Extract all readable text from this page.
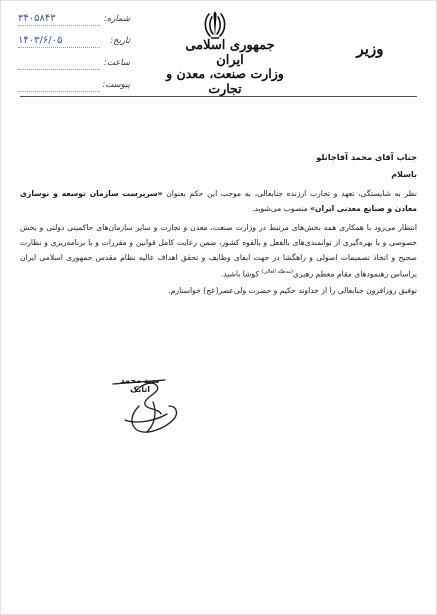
جمهوری اسلامی ایران
وزارت صنعت، معدن و تجارت
وزیر
شماره:
۳۴۰۵۸۴۳
تاریخ:
۱۴۰۳/۶/۰۵
ساعت:
پیوست:

جناب آقای محمد آقاجانلو

باسلام

نظر به شایستگی، تعهد و تجارب ارزنده جنابعالی، به موجب این حکم بعنوان «سرپرست سازمان توسعه و نوسازی معادن و صنایع معدنی ایران» منصوب می‌شوید.

انتظار می‌رود با همکاری همه بخش‌های مرتبط در وزارت صنعت، معدن و تجارت و سایر سازمان‌های حاکمیتی دولتی و بخش خصوصی و با بهره‌گیری از توانمندی‌های بالفعل و بالقوه کشور، ضمن رعایت کامل قوانین و مقررات و با برنامه‌ریزی و نظارت صحیح و اتخاذ تصمیمات اصولی و راهگشا در جهت ایفای وظایف و تحقق اهداف عالیه نظام مقدس جمهوری اسلامی ایران براساس رهنمودهای مقام معظم رهبری$^{(مدظله العالی)}$ کوشا باشید.

توفیق روزافزون جنابعالی را از خداوند حکیم و حضرت ولی‌عصر(عج) خواستارم.

سید محمد اتابک
